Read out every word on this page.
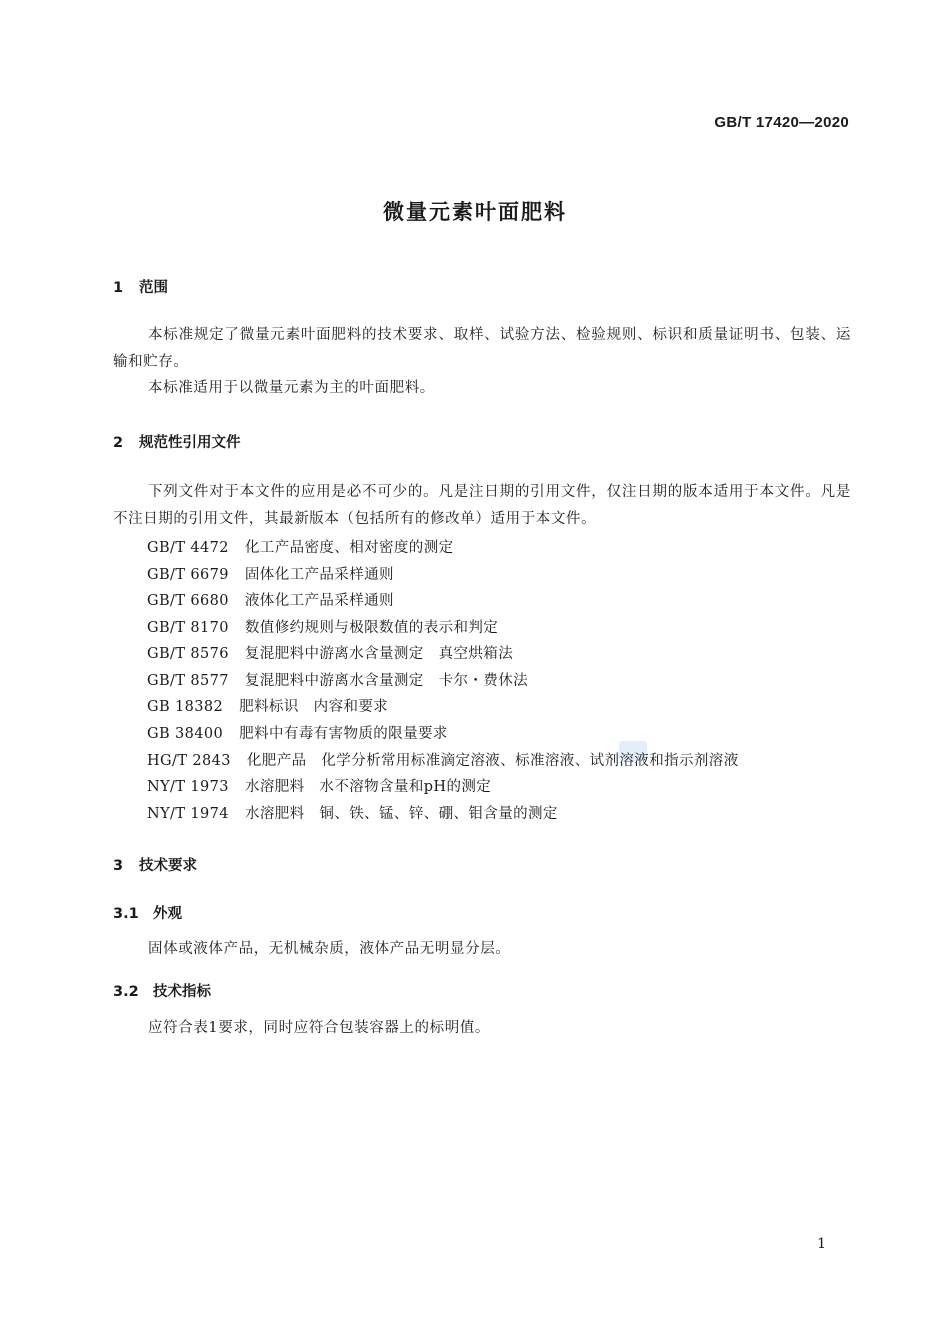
GB/T 17420—2020
微量元素叶面肥料
1 范围
本标准规定了微量元素叶面肥料的技术要求、取样、试验方法、检验规则、标识和质量证明书、包装、运输和贮存。
本标准适用于以微量元素为主的叶面肥料。
2 规范性引用文件
下列文件对于本文件的应用是必不可少的。凡是注日期的引用文件，仅注日期的版本适用于本文件。凡是不注日期的引用文件，其最新版本（包括所有的修改单）适用于本文件。
GB/T 4472 化工产品密度、相对密度的测定
GB/T 6679 固体化工产品采样通则
GB/T 6680 液体化工产品采样通则
GB/T 8170 数值修约规则与极限数值的表示和判定
GB/T 8576 复混肥料中游离水含量测定　真空烘箱法
GB/T 8577 复混肥料中游离水含量测定　卡尔・费休法
GB 18382 肥料标识　内容和要求
GB 38400 肥料中有毒有害物质的限量要求
HG/T 2843 化肥产品　化学分析常用标准滴定溶液、标准溶液、试剂溶液和指示剂溶液
NY/T 1973 水溶肥料　水不溶物含量和pH的测定
NY/T 1974 水溶肥料　铜、铁、锰、锌、硼、钼含量的测定
3 技术要求
3.1 外观
固体或液体产品，无机械杂质，液体产品无明显分层。
3.2 技术指标
应符合表1要求，同时应符合包装容器上的标明值。
1
